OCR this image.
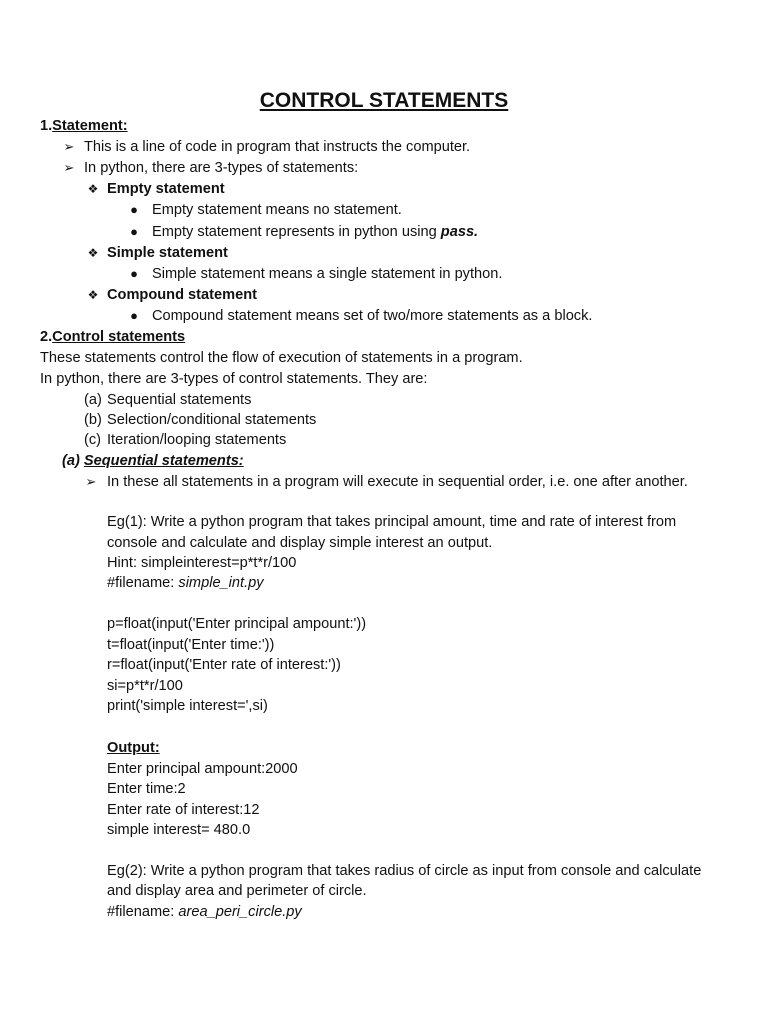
CONTROL STATEMENTS
1.Statement:
➢ This is a line of code in program that instructs the computer.
➢ In python, there are 3-types of statements:
❖ Empty statement
● Empty statement means no statement.
● Empty statement represents in python using pass.
❖ Simple statement
● Simple statement means a single statement in python.
❖ Compound statement
● Compound statement means set of two/more statements as a block.
2.Control statements
These statements control the flow of execution of statements in a program.
In python, there are 3-types of control statements. They are:
(a) Sequential statements
(b) Selection/conditional statements
(c) Iteration/looping statements
(a) Sequential statements:
➢ In these all statements in a program will execute in sequential order, i.e. one after another.
Eg(1): Write a python program that takes principal amount, time and rate of interest from
console and calculate and display simple interest an output.
Hint: simpleinterest=p*t*r/100
#filename: simple_int.py
p=float(input('Enter principal ampount:'))
t=float(input('Enter time:'))
r=float(input('Enter rate of interest:'))
si=p*t*r/100
print('simple interest=',si)
Output:
Enter principal ampount:2000
Enter time:2
Enter rate of interest:12
simple interest= 480.0
Eg(2): Write a python program that takes radius of circle as input from console and calculate
and display area and perimeter of circle.
#filename: area_peri_circle.py
